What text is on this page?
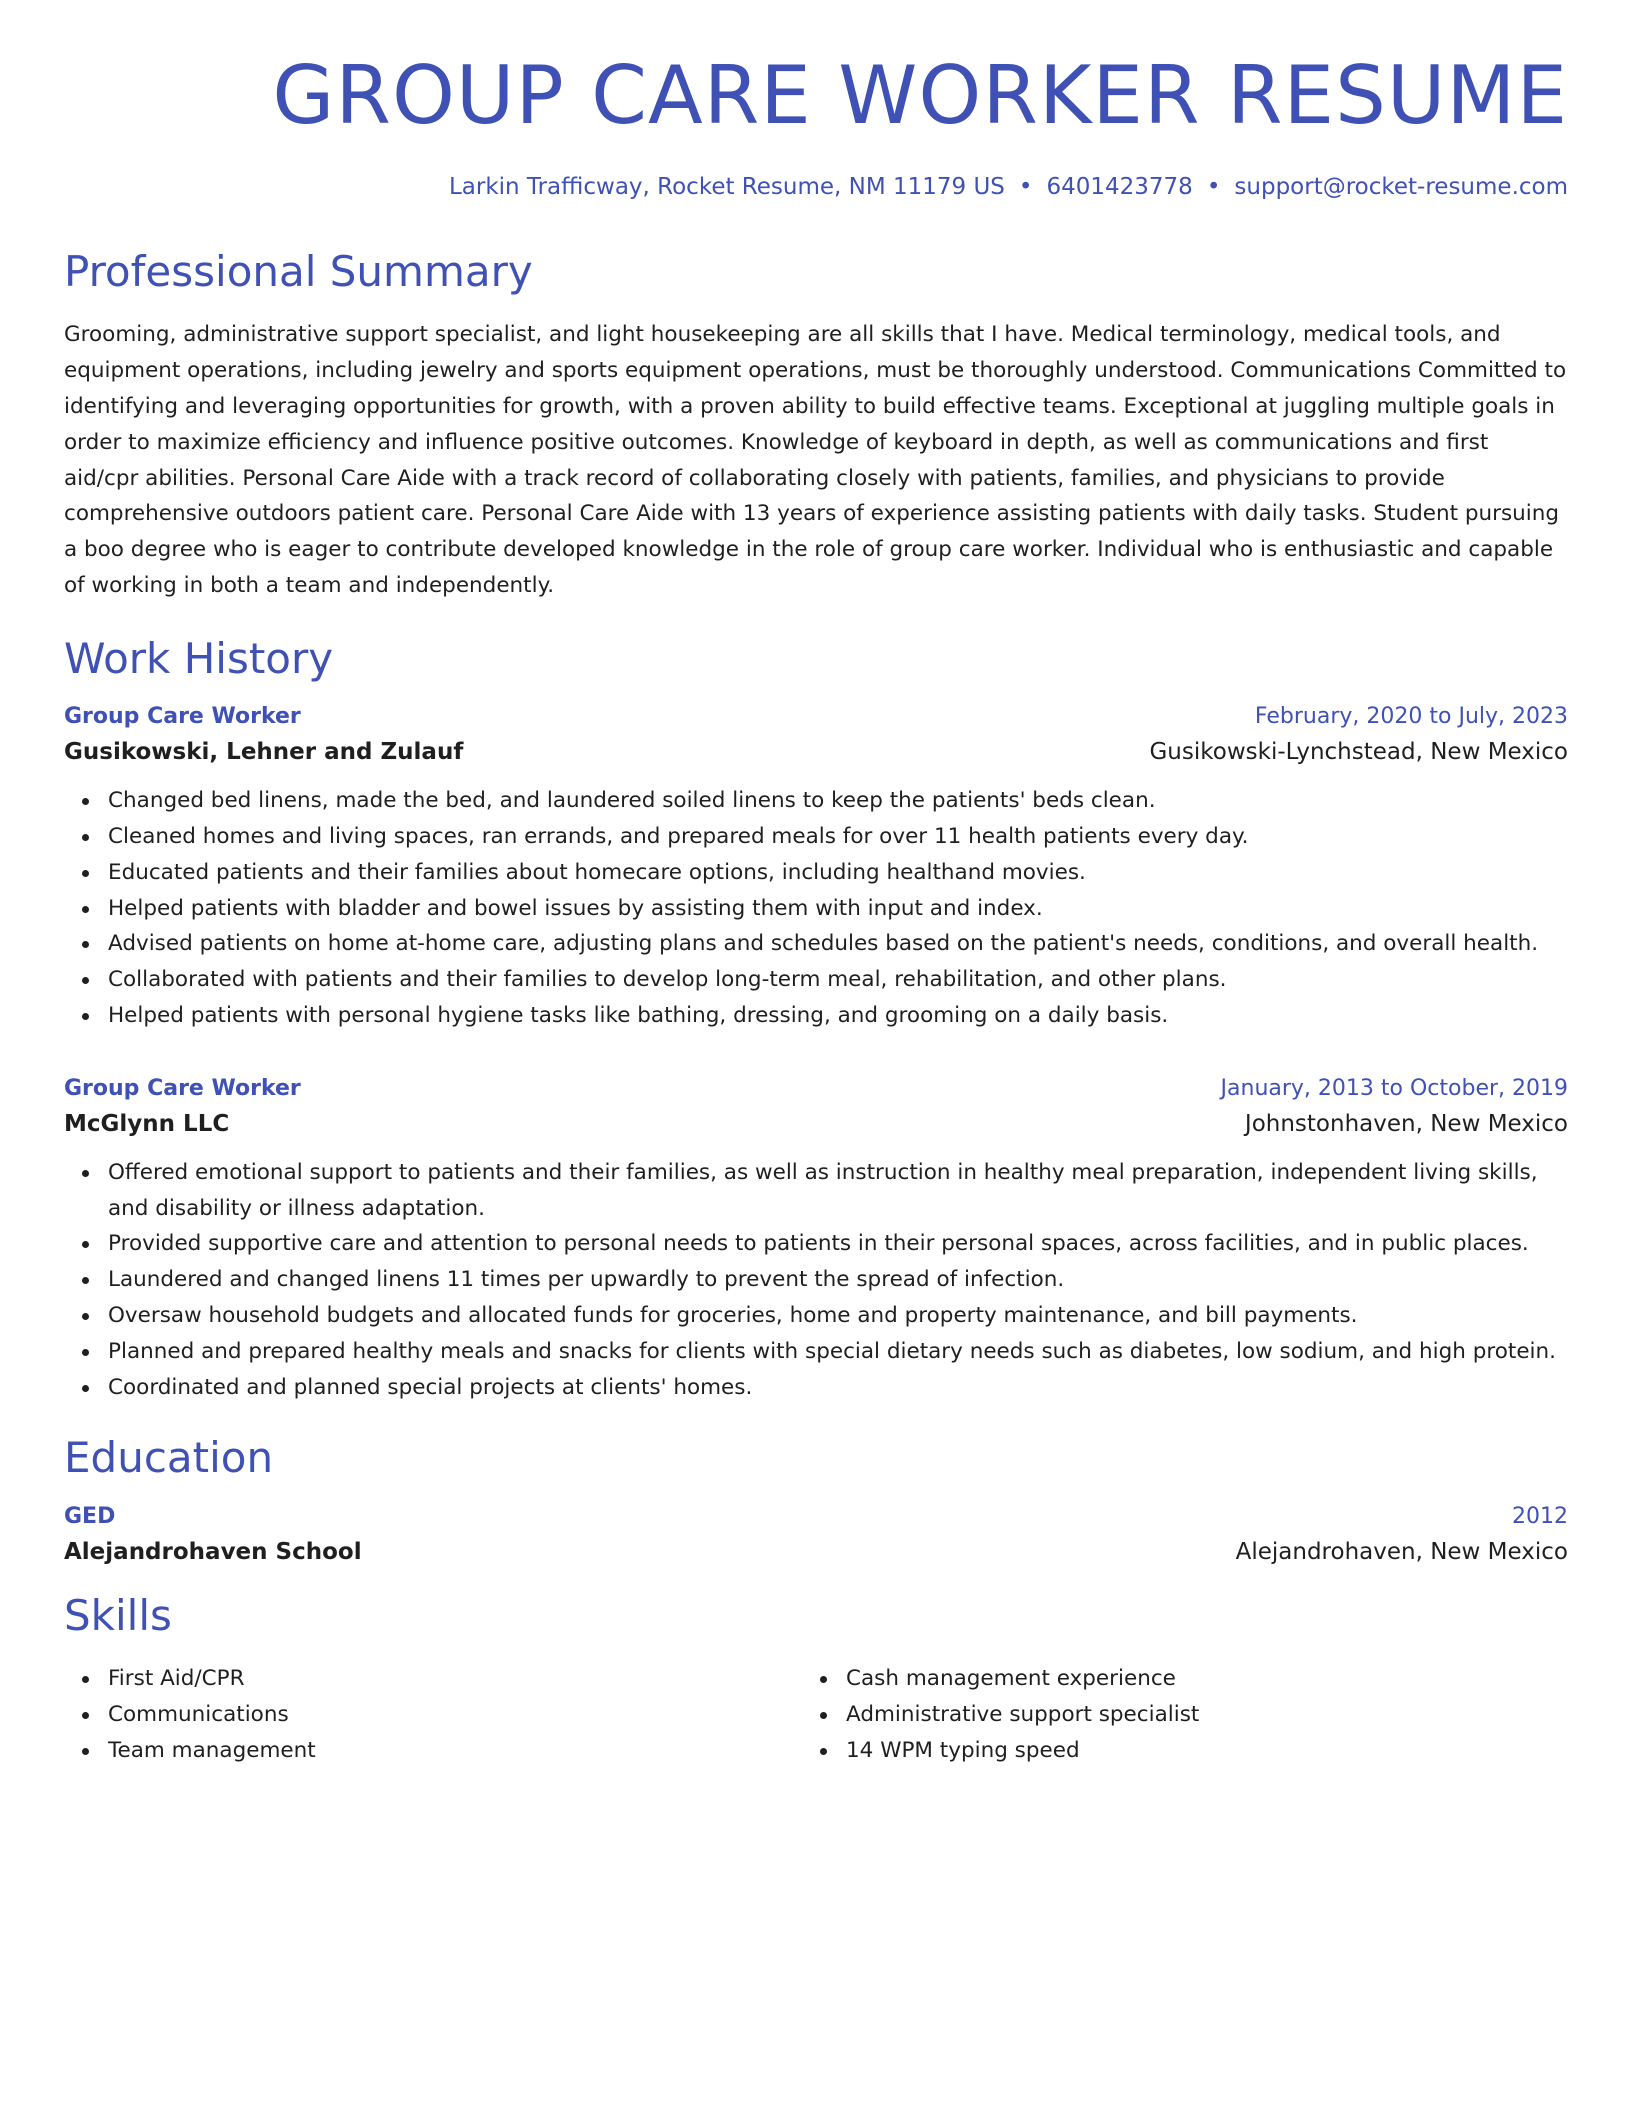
GROUP CARE WORKER RESUME
Larkin Trafficway, Rocket Resume, NM 11179 US • 6401423778 • support@rocket-resume.com
Professional Summary
Grooming, administrative support specialist, and light housekeeping are all skills that I have. Medical terminology, medical tools, and equipment operations, including jewelry and sports equipment operations, must be thoroughly understood. Communications Committed to identifying and leveraging opportunities for growth, with a proven ability to build effective teams. Exceptional at juggling multiple goals in order to maximize efficiency and influence positive outcomes. Knowledge of keyboard in depth, as well as communications and first aid/cpr abilities. Personal Care Aide with a track record of collaborating closely with patients, families, and physicians to provide comprehensive outdoors patient care. Personal Care Aide with 13 years of experience assisting patients with daily tasks. Student pursuing a boo degree who is eager to contribute developed knowledge in the role of group care worker. Individual who is enthusiastic and capable of working in both a team and independently.
Work History
Group Care Worker	February, 2020 to July, 2023
Gusikowski, Lehner and Zulauf	Gusikowski-Lynchstead, New Mexico
Changed bed linens, made the bed, and laundered soiled linens to keep the patients' beds clean.
Cleaned homes and living spaces, ran errands, and prepared meals for over 11 health patients every day.
Educated patients and their families about homecare options, including healthand movies.
Helped patients with bladder and bowel issues by assisting them with input and index.
Advised patients on home at-home care, adjusting plans and schedules based on the patient's needs, conditions, and overall health.
Collaborated with patients and their families to develop long-term meal, rehabilitation, and other plans.
Helped patients with personal hygiene tasks like bathing, dressing, and grooming on a daily basis.
Group Care Worker	January, 2013 to October, 2019
McGlynn LLC	Johnstonhaven, New Mexico
Offered emotional support to patients and their families, as well as instruction in healthy meal preparation, independent living skills, and disability or illness adaptation.
Provided supportive care and attention to personal needs to patients in their personal spaces, across facilities, and in public places.
Laundered and changed linens 11 times per upwardly to prevent the spread of infection.
Oversaw household budgets and allocated funds for groceries, home and property maintenance, and bill payments.
Planned and prepared healthy meals and snacks for clients with special dietary needs such as diabetes, low sodium, and high protein.
Coordinated and planned special projects at clients' homes.
Education
GED	2012
Alejandrohaven School	Alejandrohaven, New Mexico
Skills
First Aid/CPR
Communications
Team management
Cash management experience
Administrative support specialist
14 WPM typing speed
